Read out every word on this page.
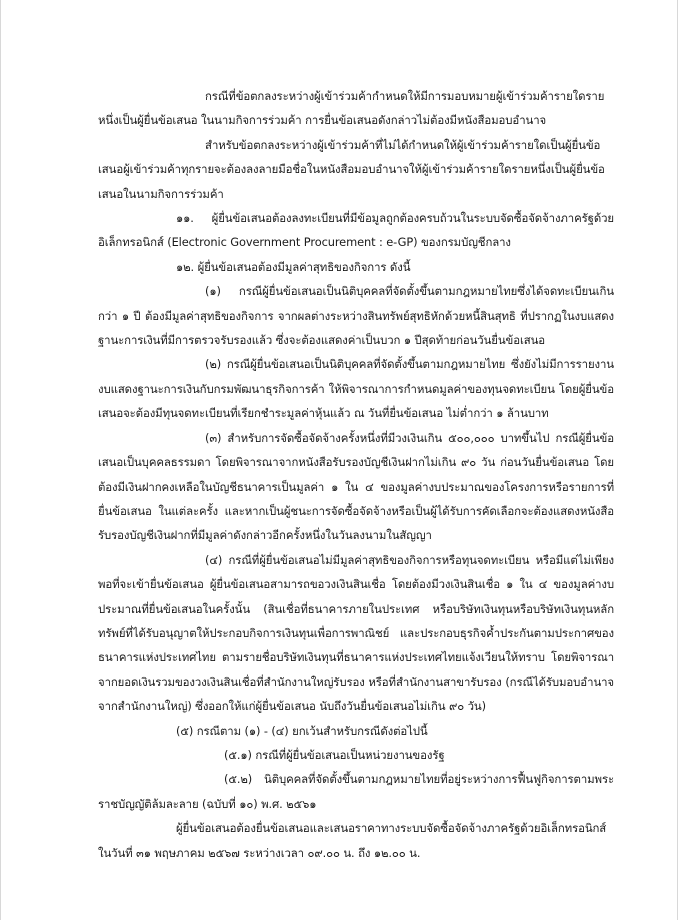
กรณีที่ข้อตกลงระหว่างผู้เข้าร่วมค้ากำหนดให้มีการมอบหมายผู้เข้าร่วมค้ารายใดรายหนึ่งเป็นผู้ยื่นข้อเสนอ ในนามกิจการร่วมค้า การยื่นข้อเสนอดังกล่าวไม่ต้องมีหนังสือมอบอำนาจ

สำหรับข้อตกลงระหว่างผู้เข้าร่วมค้าที่ไม่ได้กำหนดให้ผู้เข้าร่วมค้ารายใดเป็นผู้ยื่นข้อเสนอผู้เข้าร่วมค้าทุกรายจะต้องลงลายมือชื่อในหนังสือมอบอำนาจให้ผู้เข้าร่วมค้ารายใดรายหนึ่งเป็นผู้ยื่นข้อเสนอในนามกิจการร่วมค้า

๑๑. ผู้ยื่นข้อเสนอต้องลงทะเบียนที่มีข้อมูลถูกต้องครบถ้วนในระบบจัดซื้อจัดจ้างภาครัฐด้วยอิเล็กทรอนิกส์ (Electronic Government Procurement : e-GP) ของกรมบัญชีกลาง

๑๒. ผู้ยื่นข้อเสนอต้องมีมูลค่าสุทธิของกิจการ ดังนี้

(๑) กรณีผู้ยื่นข้อเสนอเป็นนิติบุคคลที่จัดตั้งขึ้นตามกฎหมายไทยซึ่งได้จดทะเบียนเกินกว่า ๑ ปี ต้องมีมูลค่าสุทธิของกิจการ จากผลต่างระหว่างสินทรัพย์สุทธิหักด้วยหนี้สินสุทธิ ที่ปรากฏในงบแสดงฐานะการเงินที่มีการตรวจรับรองแล้ว ซึ่งจะต้องแสดงค่าเป็นบวก ๑ ปีสุดท้ายก่อนวันยื่นข้อเสนอ

(๒) กรณีผู้ยื่นข้อเสนอเป็นนิติบุคคลที่จัดตั้งขึ้นตามกฎหมายไทย ซึ่งยังไม่มีการรายงานงบแสดงฐานะการเงินกับกรมพัฒนาธุรกิจการค้า ให้พิจารณาการกำหนดมูลค่าของทุนจดทะเบียน โดยผู้ยื่นข้อเสนอจะต้องมีทุนจดทะเบียนที่เรียกชำระมูลค่าหุ้นแล้ว ณ วันที่ยื่นข้อเสนอ ไม่ต่ำกว่า ๑ ล้านบาท

(๓) สำหรับการจัดซื้อจัดจ้างครั้งหนึ่งที่มีวงเงินเกิน ๕๐๐,๐๐๐ บาทขึ้นไป กรณีผู้ยื่นข้อเสนอเป็นบุคคลธรรมดา โดยพิจารณาจากหนังสือรับรองบัญชีเงินฝากไม่เกิน ๙๐ วัน ก่อนวันยื่นข้อเสนอ โดยต้องมีเงินฝากคงเหลือในบัญชีธนาคารเป็นมูลค่า ๑ ใน ๔ ของมูลค่างบประมาณของโครงการหรือรายการที่ยื่นข้อเสนอ ในแต่ละครั้ง และหากเป็นผู้ชนะการจัดซื้อจัดจ้างหรือเป็นผู้ได้รับการคัดเลือกจะต้องแสดงหนังสือรับรองบัญชีเงินฝากที่มีมูลค่าดังกล่าวอีกครั้งหนึ่งในวันลงนามในสัญญา

(๔) กรณีที่ผู้ยื่นข้อเสนอไม่มีมูลค่าสุทธิของกิจการหรือทุนจดทะเบียน หรือมีแต่ไม่เพียงพอที่จะเข้ายื่นข้อเสนอ ผู้ยื่นข้อเสนอสามารถขอวงเงินสินเชื่อ โดยต้องมีวงเงินสินเชื่อ ๑ ใน ๔ ของมูลค่างบประมาณที่ยื่นข้อเสนอในครั้งนั้น (สินเชื่อที่ธนาคารภายในประเทศ หรือบริษัทเงินทุนหรือบริษัทเงินทุนหลักทรัพย์ที่ได้รับอนุญาตให้ประกอบกิจการเงินทุนเพื่อการพาณิชย์ และประกอบธุรกิจค้ำประกันตามประกาศของธนาคารแห่งประเทศไทย ตามรายชื่อบริษัทเงินทุนที่ธนาคารแห่งประเทศไทยแจ้งเวียนให้ทราบ โดยพิจารณาจากยอดเงินรวมของวงเงินสินเชื่อที่สำนักงานใหญ่รับรอง หรือที่สำนักงานสาขารับรอง (กรณีได้รับมอบอำนาจจากสำนักงานใหญ่) ซึ่งออกให้แก่ผู้ยื่นข้อเสนอ นับถึงวันยื่นข้อเสนอไม่เกิน ๙๐ วัน)

(๕) กรณีตาม (๑) - (๔) ยกเว้นสำหรับกรณีดังต่อไปนี้

(๕.๑) กรณีที่ผู้ยื่นข้อเสนอเป็นหน่วยงานของรัฐ

(๕.๒) นิติบุคคลที่จัดตั้งขึ้นตามกฎหมายไทยที่อยู่ระหว่างการฟื้นฟูกิจการตามพระราชบัญญัติล้มละลาย (ฉบับที่ ๑๐) พ.ศ. ๒๕๖๑

ผู้ยื่นข้อเสนอต้องยื่นข้อเสนอและเสนอราคาทางระบบจัดซื้อจัดจ้างภาครัฐด้วยอิเล็กทรอนิกส์ในวันที่ ๓๑ พฤษภาคม ๒๕๖๗ ระหว่างเวลา ๐๙.๐๐ น. ถึง ๑๒.๐๐ น.
